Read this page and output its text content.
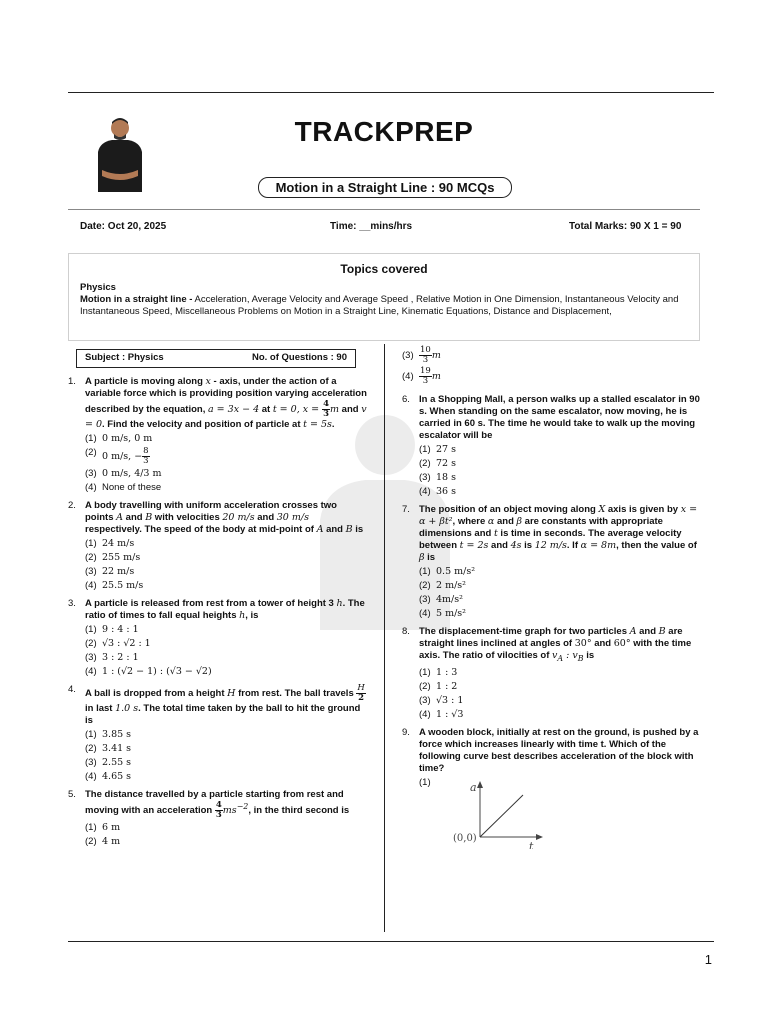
TRACKPREP
Motion in a Straight Line : 90 MCQs
Date: Oct 20, 2025	Time: __mins/hrs	Total Marks: 90 X 1 = 90
Topics covered
Physics
Motion in a straight line - Acceleration, Average Velocity and Average Speed , Relative Motion in One Dimension, Instantaneous Velocity and Instantaneous Speed, Miscellaneous Problems on Motion in a Straight Line, Kinematic Equations, Distance and Displacement,
Subject : Physics	No. of Questions : 90
1. A particle is moving along x - axis, under the action of a variable force which is providing position varying acceleration described by the equation, a = 3x − 4 at t = 0, $x = \frac{4}{3}$ m and v = 0. Find the velocity and position of particle at t = 5s.
(1) 0 m/s, 0 m
(2) 0 m/s, − $\frac{8}{3}$
(3) 0 m/s, 4/3 m
(4) None of these
2. A body travelling with uniform acceleration crosses two points A and B with velocities 20 m/s and 30 m/s respectively. The speed of the body at mid-point of A and B is
(1) 24 m/s
(2) 255 m/s
(3) 22 m/s
(4) 25.5 m/s
3. A particle is released from rest from a tower of height 3 h. The ratio of times to fall equal heights h, is
(1) 9 : 4 : 1
(2) √3 : √2 : 1
(3) 3 : 2 : 1
(4) 1 : (√2 − 1) : (√3 − √2)
4. A ball is dropped from a height H from rest. The ball travels $\frac{H}{2}$
in last 1.0 s. The total time taken by the ball to hit the ground is
(1) 3.85 s
(2) 3.41 s
(3) 2.55 s
(4) 4.65 s
5. The distance travelled by a particle starting from rest and moving with an acceleration $\frac{4}{3} ms^{-2}$, in the third second is
(1) 6 m
(2) 4 m
$(3) \frac{10}{3}$ m
$(4) \frac{19}{3}$ m
6. In a Shopping Mall, a person walks up a stalled escalator in 90 s. When standing on the same escalator, now moving, he is carried in 60 s. The time he would take to walk up the moving escalator will be
(1) 27 s
(2) 72 s
(3) 18 s
(4) 36 s
7. The position of an object moving along X axis is given by x = α + βt², where α and β are constants with appropriate dimensions and t is time in seconds. The average velocity between t = 2s and 4s is 12 m/s. If α = 8m, then the value of β is
(1) 0.5 m/s²
(2) 2 m/s²
(3) 4m/s²
(4) 5 m/s²
8. The displacement-time graph for two particles A and B are straight lines inclined at angles of 30° and 60° with the time axis. The ratio of vilocities of $v_A$ : $v_B$ is
(1) 1 : 3
(2) 1 : 2
(3) √3 : 1
(4) 1 : √3
9. A wooden block, initially at rest on the ground, is pushed by a force which increases linearly with time t. Which of the following curve best describes acceleration of the block with time?
(1)	a
t
(0,0)
1
